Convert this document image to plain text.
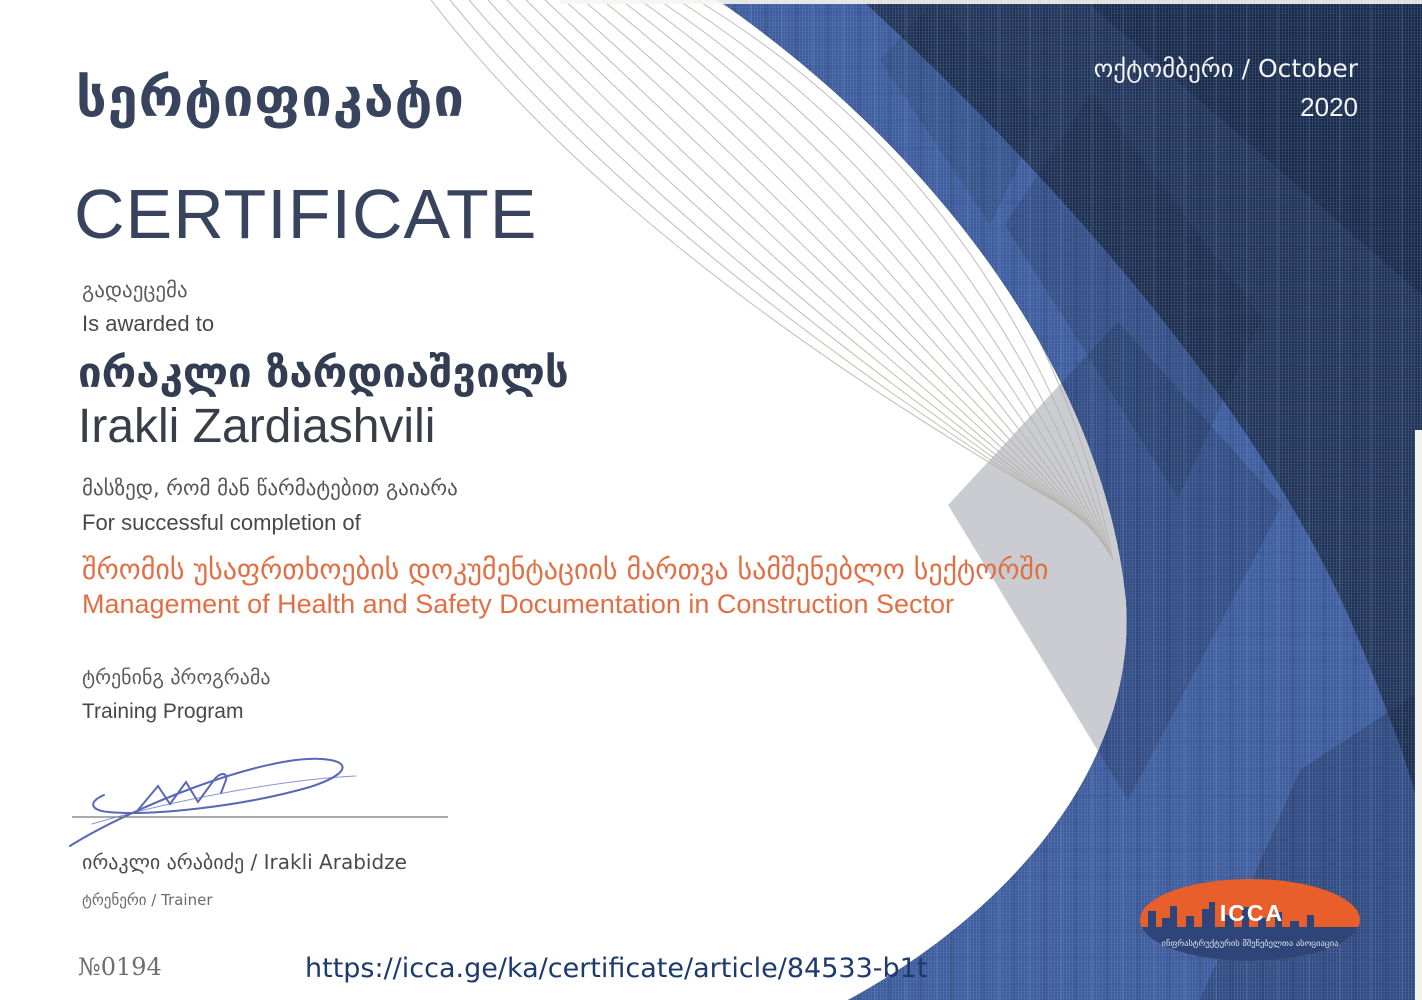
ICCA
ინფრასტრუქტურის მშენებელთა ასოციაცია
სერტიფიკატი
CERTIFICATE
ოქტომბერი / October
2020
გადაეცემა
Is awarded to
ირაკლი ზარდიაშვილს
Irakli Zardiashvili
მასზედ, რომ მან წარმატებით გაიარა
For successful completion of
შრომის უსაფრთხოების დოკუმენტაციის მართვა სამშენებლო სექტორში
Management of Health and Safety Documentation in Construction Sector
ტრენინგ პროგრამა
Training Program
ირაკლი არაბიძე / Irakli Arabidze
ტრენერი / Trainer
№0194	https://icca.ge/ka/certificate/article/84533-b1t
